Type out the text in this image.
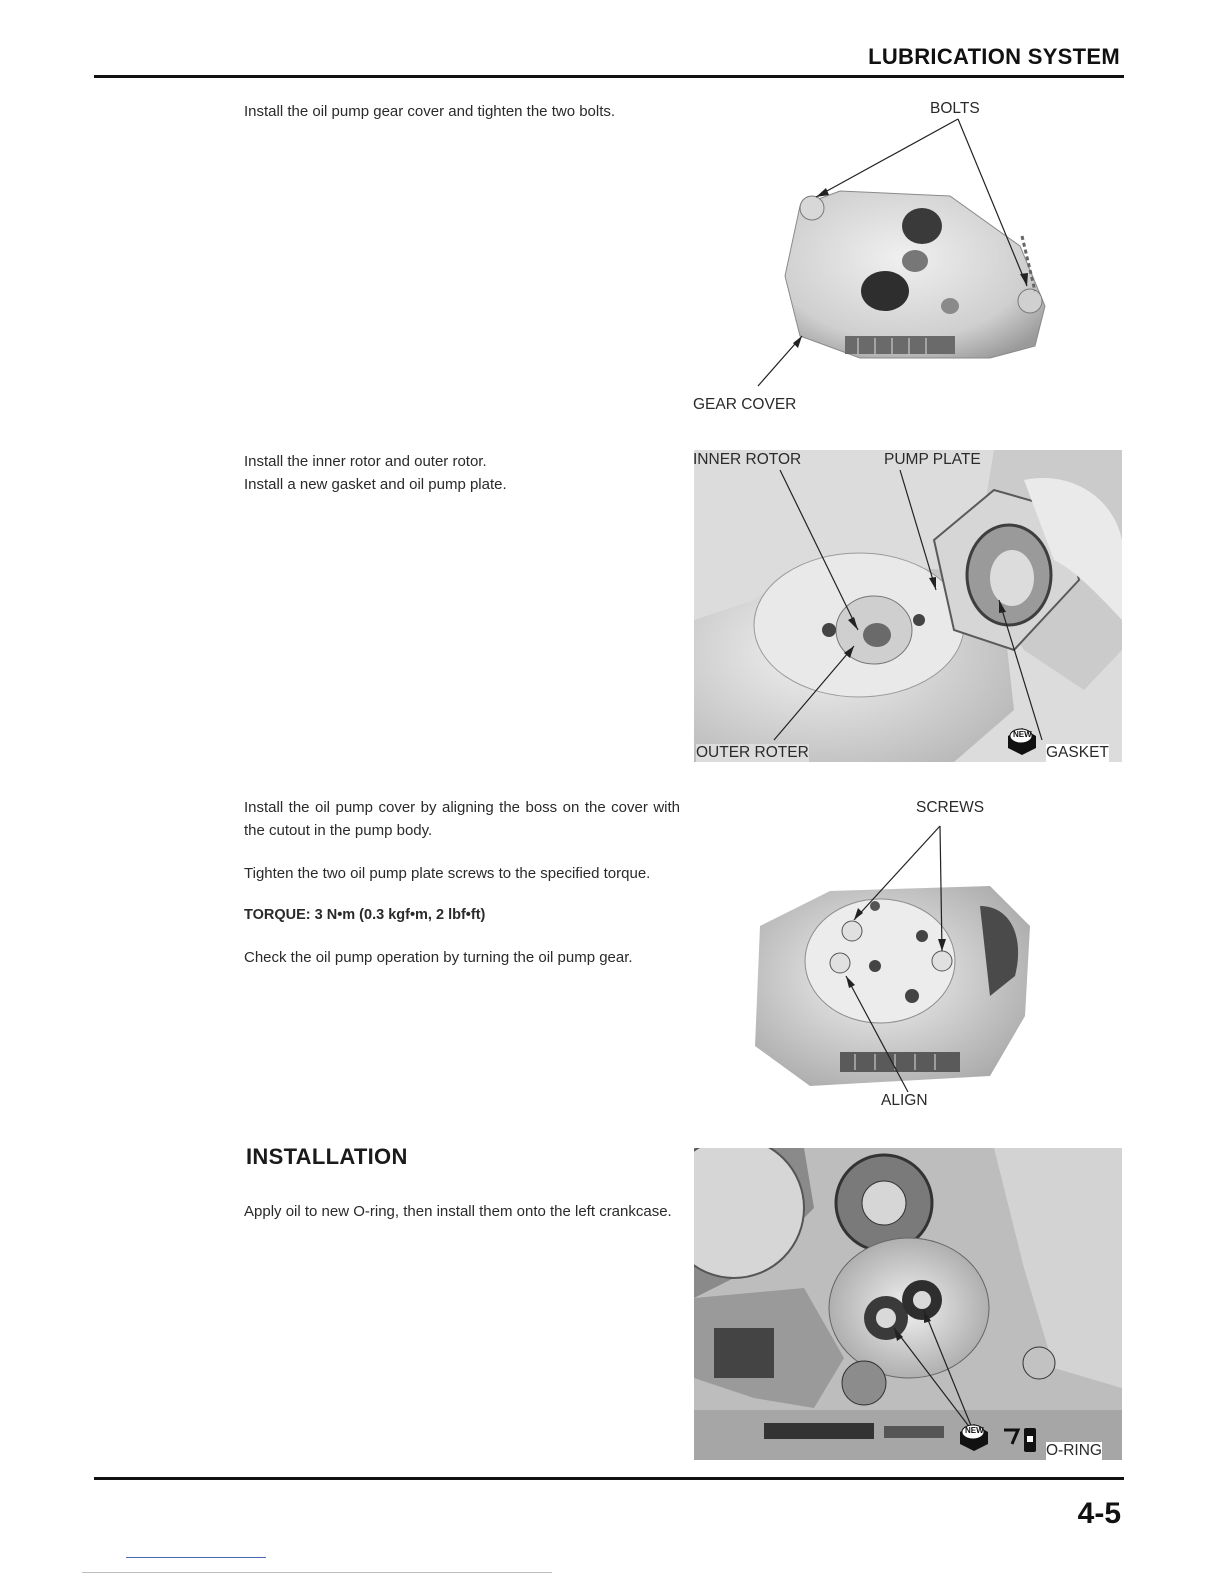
LUBRICATION SYSTEM

Install the oil pump gear cover and tighten the two bolts.

Install the inner rotor and outer rotor.

Install a new gasket and oil pump plate.

Install the oil pump cover by aligning the boss on the cover with the cutout in the pump body.

Tighten the two oil pump plate screws to the specified torque.

TORQUE: 3 N•m (0.3 kgf•m, 2 lbf•ft)

Check the oil pump operation by turning the oil pump gear.

INSTALLATION

Apply oil to new O-ring, then install them onto the left crankcase.

BOLTS
GEAR COVER
INNER ROTOR	PUMP PLATE
OUTER ROTER
NEW
GASKET
SCREWS
ALIGN
NEW
O-RING
4-5
